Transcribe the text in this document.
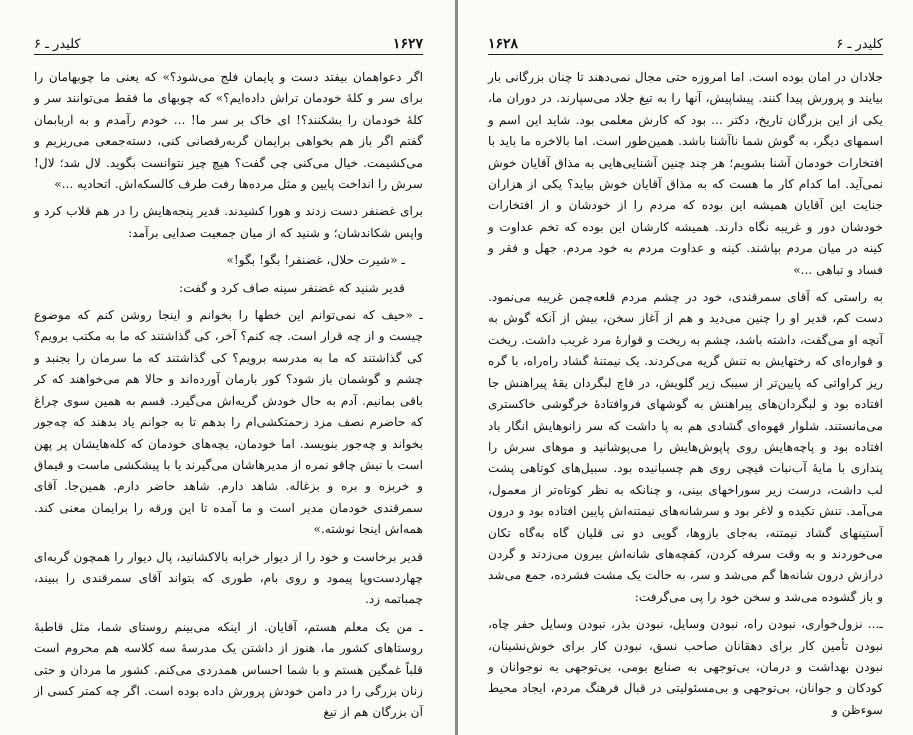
۱۶۲۷
کلیدر ـ ۶

اگر دعواهمان بیفتد دست و پایمان فلج می‌شود؟» که یعنی ما چوبهامان را برای سر و کلهٔ خودمان تراش داده‌ایم؟» که چوبهای ما فقط می‌توانند سر و کلهٔ خودمان را بشکنند؟! ای خاک بر سر ما! ... خودم رآمدم و به اربابمان گفتم اگر باز هم بخواهی برایمان گربه‌رقصانی کنی، دسته‌جمعی می‌ریزیم و می‌کشیمت. خیال می‌کنی چی گفت؟ هیچ چیز نتوانست بگوید. لال شد؛ لال! سرش را انداخت پایین و مثل مرده‌ها رفت طرف کالسکه‌اش. اتحادیه ...»

برای غضنفر دست زدند و هورا کشیدند. قدیر پنجه‌هایش را در هم قلاب کرد و واپس شکاندشان؛ و شنید که از میان جمعیت صدایی برآمد:

ـ «شیرت حلال، غضنفر! بگو! بگو!»

قدیر شنید که غضنفر سینه صاف کرد و گفت:

ـ «حیف که نمی‌توانم این خطها را بخوانم و اینجا روشن کنم که موضوع چیست و از چه قرار است. چه کنم؟ آخر، کی گذاشتند که ما به مکتب برویم؟ کی گذاشتند که ما به مدرسه برویم؟ کی گذاشتند که ما سرمان را بجنبد و چشم و گوشمان باز شود؟ کور بارمان آورده‌اند و حالا هم می‌خواهند که کر باقی بمانیم. آدم به حال خودش گریه‌اش می‌گیرد. قسم به همین سوی چراغ که حاضرم نصف مزد زحمتکشی‌ام را بدهم تا به جوانم یاد بدهند که چه‌جور بخواند و چه‌جور بنویسد. اما خودمان، بچه‌های خودمان که کله‌هایشان پر پهن است با نیش چاقو نمره از مدیرهاشان می‌گیرند یا با پیشکشی ماست و قیماق و خربزه و بره و بزغاله. شاهد دارم. شاهد حاضر دارم. همین‌جا. آقای سمرقندی خودمان مدیر است و ما آمده تا این ورقه را برایمان معنی کند. همه‌اش اینجا نوشته.»

قدیر برخاست و خود را از دیوار خرابه بالاکشانید، پال دیوار را همچون گربه‌ای چهاردست‌وپا پیمود و روی بام، طوری که بتواند آقای سمرقندی را ببیند، چمباتمه زد.

ـ من یک معلم هستم، آقایان. از اینکه می‌بینم روستای شما، مثل قاطبهٔ روستاهای کشور ما، هنوز از داشتن یک مدرسهٔ سه کلاسه هم محروم است قلباً غمگین هستم و با شما احساس همدردی می‌کنم. کشور ما مردان و حتی زنان بزرگی را در دامن خودش پرورش داده بوده است. اگر چه کمتر کسی از آن بزرگان هم از تیغ

کلیدر ـ ۶
۱۶۲۸

جلادان در امان بوده است. اما امروزه حتی مجال نمی‌دهند تا چنان بزرگانی بار بیایند و پرورش پیدا کنند. پیشاپیش، آنها را به تیغ جلاد می‌سپارند. در دوران ما، یکی از این بزرگان تاریخ، دکتر ... بود که کارش معلمی بود. شاید این اسم و اسمهای دیگر، به گوش شما ناآشنا باشد. همین‌طور است. اما بالاخره ما باید با افتخارات خودمان آشنا بشویم؛ هر چند چنین آشنایی‌هایی به مذاق آقایان خوش نمی‌آید. اما کدام کار ما هست که به مذاق آقایان خوش بیاید؟ یکی از هزاران جنایت این آقایان همیشه این بوده که مردم را از خودشان و از افتخارات خودشان دور و غریبه نگاه دارند. همیشه کارشان این بوده که تخم عداوت و کینه در میان مردم بپاشند. کینه و عداوت مردم به خود مردم. جهل و فقر و فساد و تباهی ...»

به راستی که آقای سمرقندی، خود در چشم مردم قلعه‌چمن غریبه می‌نمود. دست کم، قدیر او را چنین می‌دید و هم از آغاز سخن، بیش از آنکه گوش به آنچه او می‌گفت، داشته باشد، چشم به ریخت و قوارهٔ مرد غریب داشت. ریخت و قواره‌ای که رختهایش به تنش گریه می‌کردند. یک نیمتنهٔ گشاد راه‌راه، با گره ریز کراواتی که پایین‌تر از سیبک زیر گلویش، در قاچ لبگردان یقهٔ پیراهنش جا افتاده بود و لبگردان‌های پیراهنش به گوشهای فروافتادهٔ خرگوشی خاکستری می‌مانستند. شلوار قهوه‌ای گشادی هم به پا داشت که سر زانوهایش انگار باد افتاده بود و پاچه‌هایش روی پاپوش‌هایش را می‌پوشانید و موهای سرش را پنداری با مایهٔ آب‌نبات قیچی روی هم چسبانیده بود. سبیل‌های کوتاهی پشت لب داشت، درست زیر سوراخهای بینی، و چنانکه به نظر کوتاه‌تر از معمول، می‌آمد. تنش تکیده و لاغر بود و سرشانه‌های نیمتنه‌اش پایین افتاده بود و درون آستینهای گشاد نیمتنه، به‌جای بازوها، گویی دو نی قلیان گاه به‌گاه تکان می‌خوردند و به وقت سرفه کردن، کفچه‌های شانه‌اش بیرون می‌زدند و گردن درازش درون شانه‌ها گم می‌شد و سر، به حالت یک مشت فشرده، جمع می‌شد و باز گشوده می‌شد و سخن خود را پی می‌گرفت:

ـ... نزول‌خواری، نبودن راه، نبودن وسایل، نبودن بذر، نبودن وسایل حفر چاه، نبودن تأمین کار برای دهقانان صاحب نسق، نبودن کار برای خوش‌نشینان، نبودن بهداشت و درمان، بی‌توجهی به صنایع بومی، بی‌توجهی به نوجوانان و کودکان و جوانان، بی‌توجهی و بی‌مسئولیتی در قبال فرهنگ مردم، ایجاد محیط سوءظن و
